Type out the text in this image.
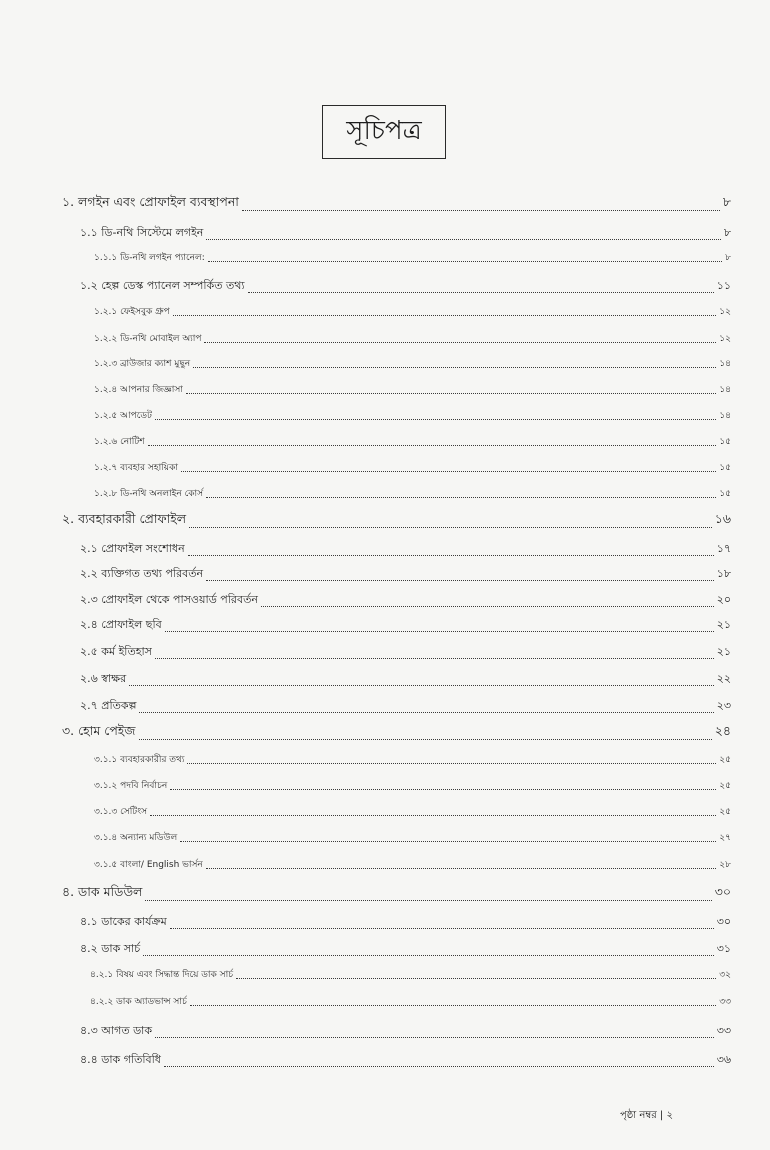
সূচিপত্র
১. লগইন এবং প্রোফাইল ব্যবস্থাপনা	৮
১.১ ডি-নথি সিস্টেমে লগইন	৮
১.১.১ ডি-নথি লগইন প্যানেল:	৮
১.২ হেল্প ডেস্ক প্যানেল সম্পর্কিত তথ্য	১১
১.২.১ ফেইসবুক গ্রুপ	১২
১.২.২ ডি-নথি মোবাইল অ্যাপ	১২
১.২.৩ ব্রাউজার ক্যাশ মুছুন	১৪
১.২.৪ আপনার জিজ্ঞাসা	১৪
১.২.৫ আপডেট	১৪
১.২.৬ নোটিশ	১৫
১.২.৭ ব্যবহার সহায়িকা	১৫
১.২.৮ ডি-নথি অনলাইন কোর্স	১৫
২. ব্যবহারকারী প্রোফাইল	১৬
২.১ প্রোফাইল সংশোধন	১৭
২.২ ব্যক্তিগত তথ্য পরিবর্তন	১৮
২.৩ প্রোফাইল থেকে পাসওয়ার্ড পরিবর্তন	২০
২.৪ প্রোফাইল ছবি	২১
২.৫ কর্ম ইতিহাস	২১
২.৬ স্বাক্ষর	২২
২.৭ প্রতিকল্প	২৩
৩. হোম পেইজ	২৪
৩.১.১ ব্যবহারকারীর তথ্য	২৫
৩.১.২ পদবি নির্বাচন	২৫
৩.১.৩ সেটিংস	২৫
৩.১.৪ অন্যান্য মডিউল	২৭
৩.১.৫ বাংলা/ English ভার্সন	২৮
৪. ডাক মডিউল	৩০
৪.১ ডাকের কার্যক্রম	৩০
৪.২ ডাক সার্চ	৩১
৪.২.১ বিষয় এবং সিদ্ধান্ত দিয়ে ডাক সার্চ	৩২
৪.২.২ ডাক অ্যাডভান্স সার্চ	৩৩
৪.৩ আগত ডাক	৩৩
৪.৪ ডাক গতিবিধি	৩৬
পৃষ্ঠা নম্বর | ২
